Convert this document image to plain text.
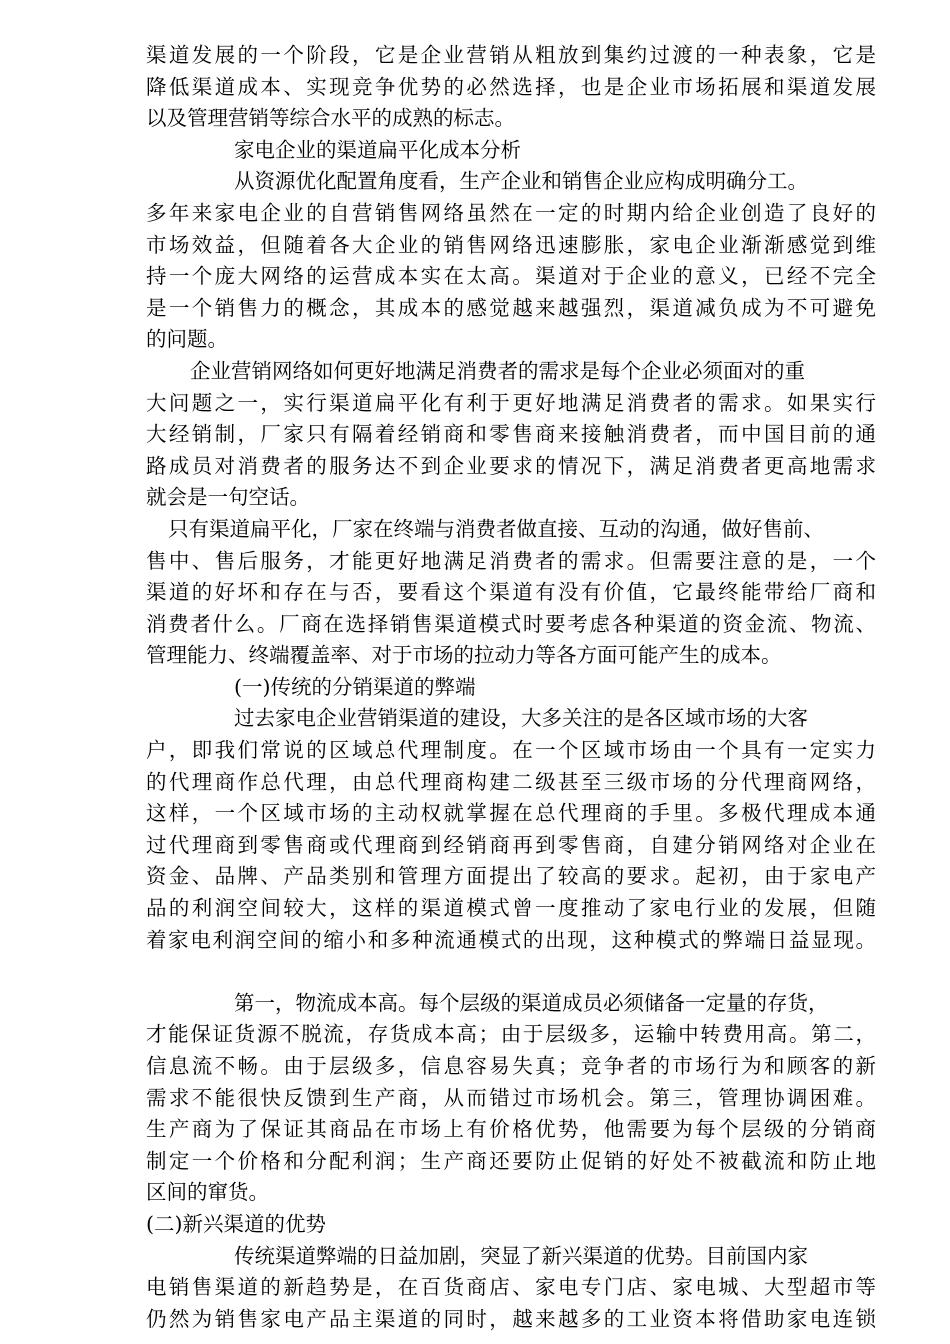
渠道发展的一个阶段，它是企业营销从粗放到集约过渡的一种表象，它是
降低渠道成本、实现竞争优势的必然选择，也是企业市场拓展和渠道发展
以及管理营销等综合水平的成熟的标志。
家电企业的渠道扁平化成本分析
从资源优化配置角度看，生产企业和销售企业应构成明确分工。
多年来家电企业的自营销售网络虽然在一定的时期内给企业创造了良好的
市场效益，但随着各大企业的销售网络迅速膨胀，家电企业渐渐感觉到维
持一个庞大网络的运营成本实在太高。渠道对于企业的意义，已经不完全
是一个销售力的概念，其成本的感觉越来越强烈，渠道减负成为不可避免
的问题。
企业营销网络如何更好地满足消费者的需求是每个企业必须面对的重
大问题之一，实行渠道扁平化有利于更好地满足消费者的需求。如果实行
大经销制，厂家只有隔着经销商和零售商来接触消费者，而中国目前的通
路成员对消费者的服务达不到企业要求的情况下，满足消费者更高地需求
就会是一句空话。
只有渠道扁平化，厂家在终端与消费者做直接、互动的沟通，做好售前、
售中、售后服务，才能更好地满足消费者的需求。但需要注意的是，一个
渠道的好坏和存在与否，要看这个渠道有没有价值，它最终能带给厂商和
消费者什么。厂商在选择销售渠道模式时要考虑各种渠道的资金流、物流、
管理能力、终端覆盖率、对于市场的拉动力等各方面可能产生的成本。
(一)传统的分销渠道的弊端
过去家电企业营销渠道的建设，大多关注的是各区域市场的大客
户，即我们常说的区域总代理制度。在一个区域市场由一个具有一定实力
的代理商作总代理，由总代理商构建二级甚至三级市场的分代理商网络，
这样，一个区域市场的主动权就掌握在总代理商的手里。多极代理成本通
过代理商到零售商或代理商到经销商再到零售商，自建分销网络对企业在
资金、品牌、产品类别和管理方面提出了较高的要求。起初，由于家电产
品的利润空间较大，这样的渠道模式曾一度推动了家电行业的发展，但随
着家电利润空间的缩小和多种流通模式的出现，这种模式的弊端日益显现。
第一，物流成本高。每个层级的渠道成员必须储备一定量的存货，
才能保证货源不脱流，存货成本高；由于层级多，运输中转费用高。第二，
信息流不畅。由于层级多，信息容易失真；竞争者的市场行为和顾客的新
需求不能很快反馈到生产商，从而错过市场机会。第三，管理协调困难。
生产商为了保证其商品在市场上有价格优势，他需要为每个层级的分销商
制定一个价格和分配利润；生产商还要防止促销的好处不被截流和防止地
区间的窜货。
(二)新兴渠道的优势
传统渠道弊端的日益加剧，突显了新兴渠道的优势。目前国内家
电销售渠道的新趋势是，在百货商店、家电专门店、家电城、大型超市等
仍然为销售家电产品主渠道的同时，越来越多的工业资本将借助家电连锁
